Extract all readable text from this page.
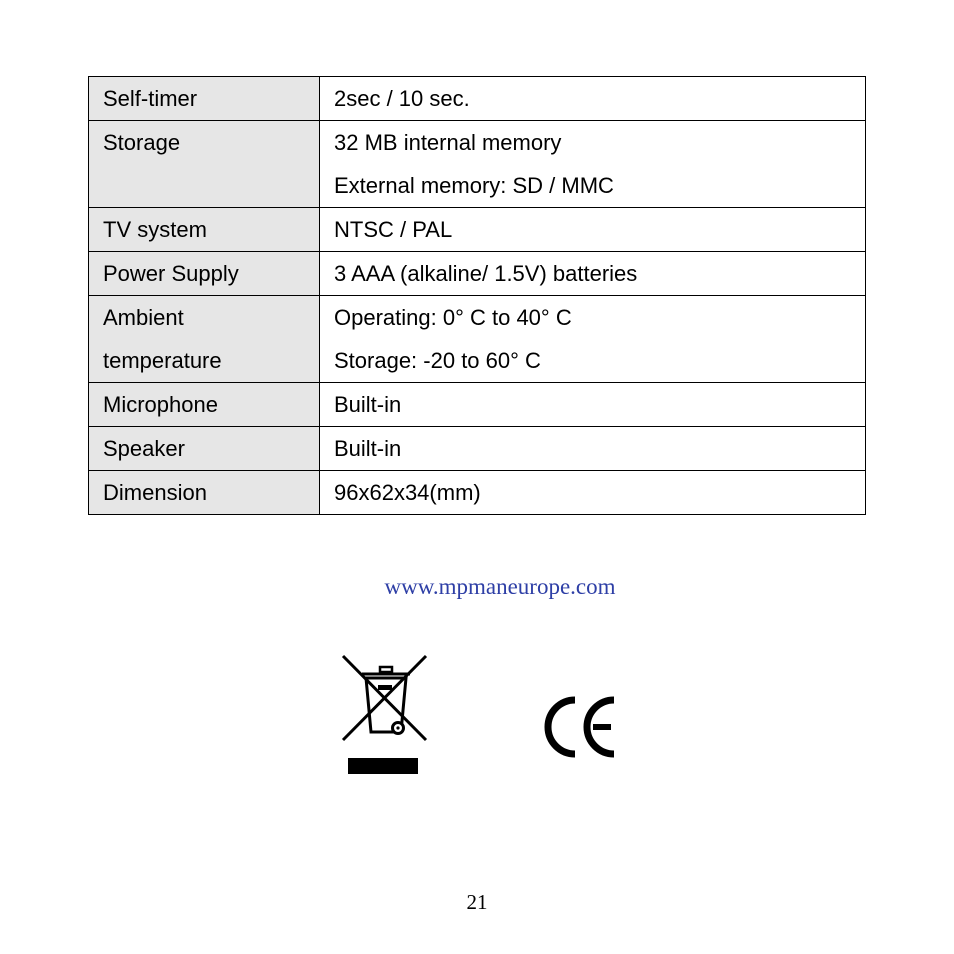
Self-timer	2sec / 10 sec.

Storage	32 MB internal memory
External memory: SD / MMC

TV system	NTSC / PAL

Power Supply	3 AAA (alkaline/ 1.5V) batteries

Ambient
temperature	Operating: 0° C to 40° C
Storage: -20 to 60° C

Microphone	Built-in

Speaker	Built-in

Dimension	96x62x34(mm)
www.mpmaneurope.com
21
